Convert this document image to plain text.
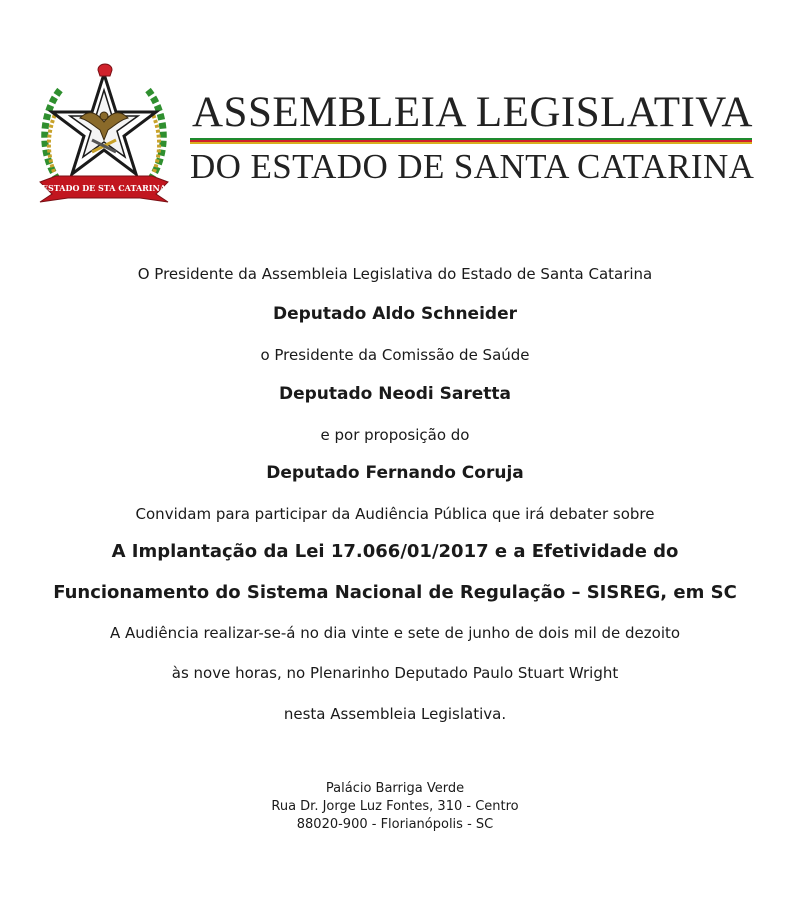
ESTADO DE STA CATARINA
ASSEMBLEIA LEGISLATIVA
DO ESTADO DE SANTA CATARINA
O Presidente da Assembleia Legislativa do Estado de Santa Catarina
Deputado Aldo Schneider
o Presidente da Comissão de Saúde
Deputado Neodi Saretta
e por proposição do
Deputado Fernando Coruja
Convidam para participar da Audiência Pública que irá debater sobre
A Implantação da Lei 17.066/01/2017 e a Efetividade do
Funcionamento do Sistema Nacional de Regulação – SISREG, em SC
A Audiência realizar-se-á no dia vinte e sete de junho de dois mil de dezoito
às nove horas, no Plenarinho Deputado Paulo Stuart Wright
nesta Assembleia Legislativa.
Palácio Barriga Verde
Rua Dr. Jorge Luz Fontes, 310 - Centro
88020-900 - Florianópolis - SC
